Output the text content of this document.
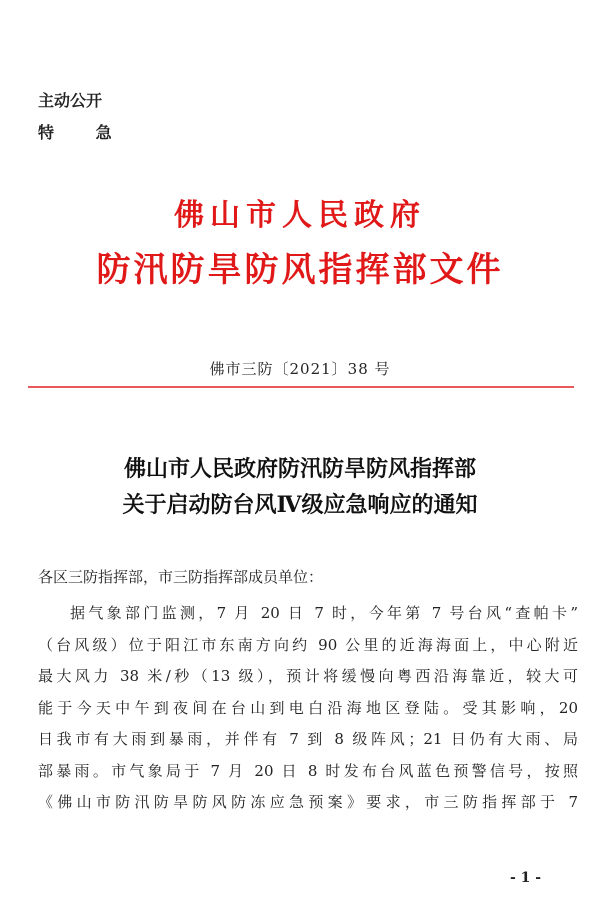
主动公开
特 急
佛山市人民政府
防汛防旱防风指挥部文件
佛市三防〔2021〕38 号
佛山市人民政府防汛防旱防风指挥部
关于启动防台风Ⅳ级应急响应的通知
各区三防指挥部，市三防指挥部成员单位：
据气象部门监测，7 月 20 日 7 时，今年第 7 号台风“查帕卡”
（台风级）位于阳江市东南方向约 90 公里的近海海面上，中心附近
最大风力 38 米/秒（13 级），预计将缓慢向粤西沿海靠近，较大可
能于今天中午到夜间在台山到电白沿海地区登陆。受其影响，20
日我市有大雨到暴雨，并伴有 7 到 8 级阵风；21 日仍有大雨、局
部暴雨。市气象局于 7 月 20 日 8 时发布台风蓝色预警信号，按照
《佛山市防汛防旱防风防冻应急预案》要求，市三防指挥部于 7
- 1 -
